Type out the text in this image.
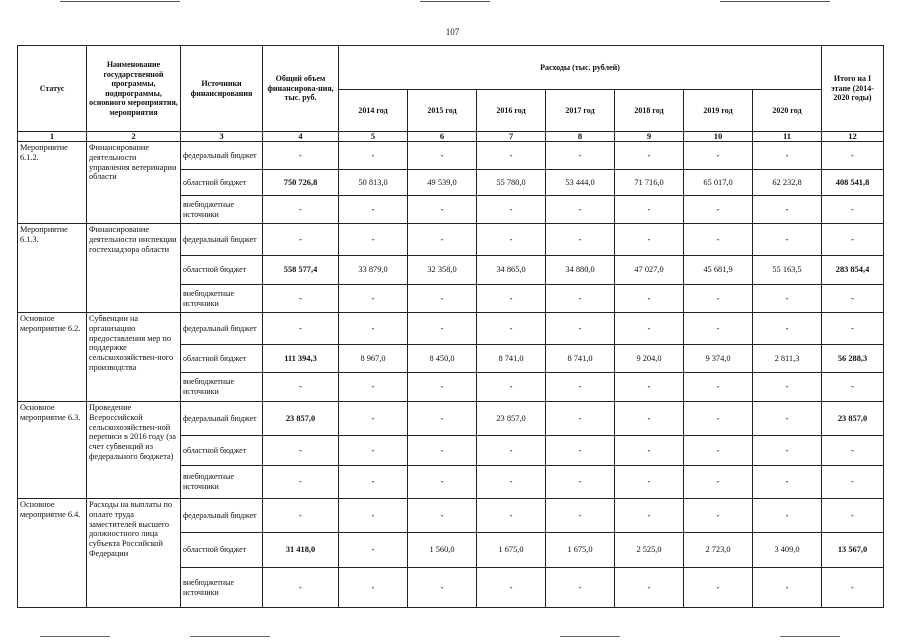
107
Статус	Наименование государственной программы, подпрограммы, основного мероприятия, мероприятия	Источники финансирования	Общий объем финансирова-ния, тыс. руб.	Расходы (тыс. рублей)							Итого на I этапе (2014-2020 годы)
				2014 год	2015 год	2016 год	2017 год	2018 год	2019 год	2020 год	
1	2	3	4	5	6	7	8	9	10	11	12
Мероприятие 6.1.2.	Финансирование деятельности управления ветеринарии области	федеральный бюджет	-	-	-	-	-	-	-	-	-
		областной бюджет	750 726,8	50 813,0	49 539,0	55 780,0	53 444,0	71 716,0	65 017,0	62 232,8	408 541,8
		внебюджетные источники	-	-	-	-	-	-	-	-	-
Мероприятие 6.1.3.	Финансирование деятельности инспекции гостехнадзора области	федеральный бюджет	-	-	-	-	-	-	-	-	-
		областной бюджет	558 577,4	33 879,0	32 358,0	34 865,0	34 880,0	47 027,0	45 681,9	55 163,5	283 854,4
		внебюджетные источники	-	-	-	-	-	-	-	-	-
Основное мероприятие 6.2.	Субвенции на организацию предоставления мер по поддержке сельскохозяйствен-ного производства	федеральный бюджет	-	-	-	-	-	-	-	-	-
		областной бюджет	111 394,3	8 967,0	8 450,0	8 741,0	8 741,0	9 204,0	9 374,0	2 811,3	56 288,3
		внебюджетные источники	-	-	-	-	-	-	-	-	-
Основное мероприятие 6.3.	Проведение Всероссийской сельскохозяйствен-ной переписи в 2016 году (за счет субвенций из федерального бюджета)	федеральный бюджет	23 857,0	-	-	23 857,0	-	-	-	-	23 857,0
		областной бюджет	-	-	-	-	-	-	-	-	-
		внебюджетные источники	-	-	-	-	-	-	-	-	-
Основное мероприятие 6.4.	Расходы на выплаты по оплате труда заместителей высшего должностного лица субъекта Российской Федерации	федеральный бюджет	-	-	-	-	-	-	-	-	-
		областной бюджет	31 418,0	-	1 560,0	1 675,0	1 675,0	2 525,0	2 723,0	3 409,0	13 567,0
		внебюджетные источники	-	-	-	-	-	-	-	-	-
